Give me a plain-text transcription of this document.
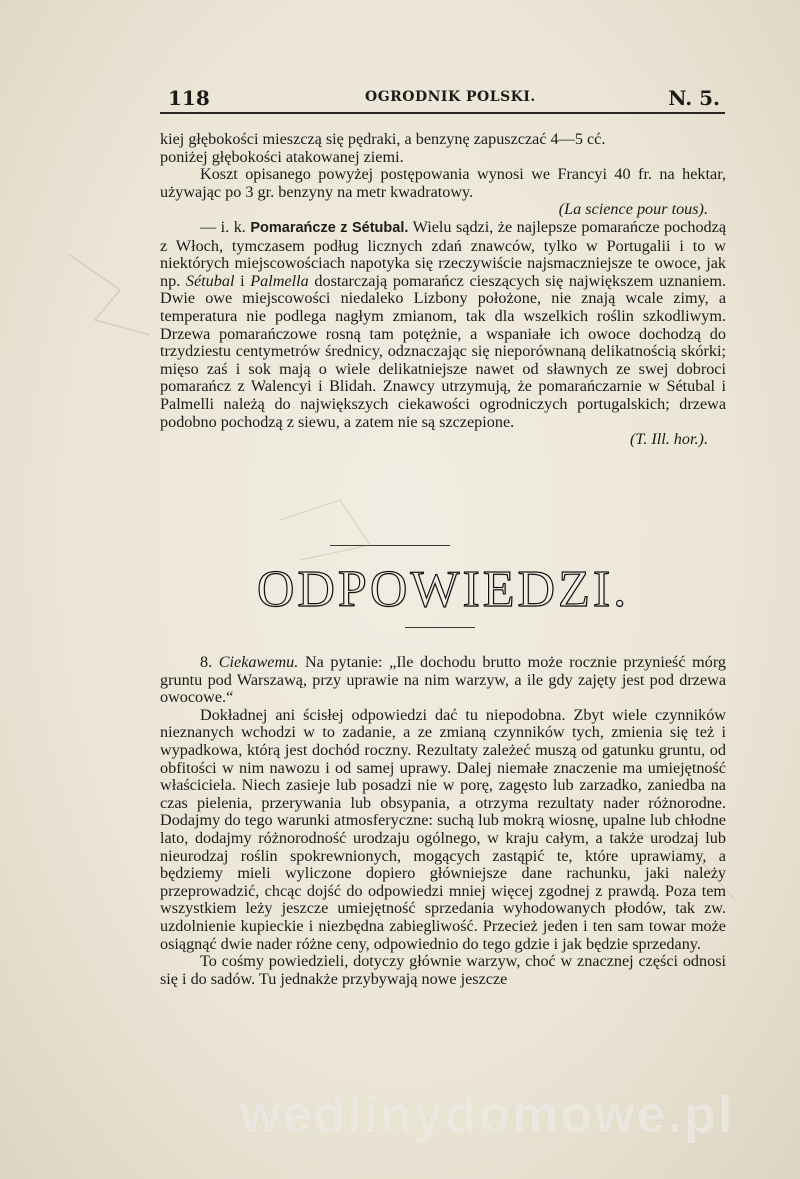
118	OGRODNIK POLSKI.	N. 5.

kiej głębokości mieszczą się pędraki, a benzynę zapuszczać 4—5 cć.

poniżej głębokości atakowanej ziemi.

Koszt opisanego powyżej postępowania wynosi we Francyi 40 fr. na hektar, używając po 3 gr. benzyny na metr kwadratowy.

(La science pour tous).

— i. k. Pomarańcze z Sétubal. Wielu sądzi, że najlepsze pomarańcze pochodzą z Włoch, tymczasem podług licznych zdań znawców, tylko w Portugalii i to w niektórych miejscowościach napotyka się rzeczywiście najsmaczniejsze te owoce, jak np. Sétubal i Palmella dostarczają pomarańcz cieszących się największem uznaniem. Dwie owe miejscowości niedaleko Lizbony położone, nie znają wcale zimy, a temperatura nie podlega nagłym zmianom, tak dla wszelkich roślin szkodliwym. Drzewa pomarańczowe rosną tam potężnie, a wspaniałe ich owoce dochodzą do trzydziestu centymetrów średnicy, odznaczając się nieporównaną delikatnością skórki; mięso zaś i sok mają o wiele delikatniejsze nawet od sławnych ze swej dobroci pomarańcz z Walencyi i Blidah. Znawcy utrzymują, że pomarańczarnie w Sétubal i Palmelli należą do największych ciekawości ogrodniczych portugalskich; drzewa podobno pochodzą z siewu, a zatem nie są szczepione.

(T. Ill. hor.).

ODPOWIEDZI.

8. Ciekawemu. Na pytanie: „Ile dochodu brutto może rocznie przynieść mórg gruntu pod Warszawą, przy uprawie na nim warzyw, a ile gdy zajęty jest pod drzewa owocowe.“

Dokładnej ani ścisłej odpowiedzi dać tu niepodobna. Zbyt wiele czynników nieznanych wchodzi w to zadanie, a ze zmianą czynników tych, zmienia się też i wypadkowa, którą jest dochód roczny. Rezultaty zależeć muszą od gatunku gruntu, od obfitości w nim nawozu i od samej uprawy. Dalej niemałe znaczenie ma umiejętność właściciela. Niech zasieje lub posadzi nie w porę, zagęsto lub zarzadko, zaniedba na czas pielenia, przerywania lub obsypania, a otrzyma rezultaty nader różnorodne. Dodajmy do tego warunki atmosferyczne: suchą lub mokrą wiosnę, upalne lub chłodne lato, dodajmy różnorodność urodzaju ogólnego, w kraju całym, a także urodzaj lub nieurodzaj roślin spokrewnionych, mogących zastąpić te, które uprawiamy, a będziemy mieli wyliczone dopiero główniejsze dane rachunku, jaki należy przeprowadzić, chcąc dojść do odpowiedzi mniej więcej zgodnej z prawdą. Poza tem wszystkiem leży jeszcze umiejętność sprzedania wyhodowanych płodów, tak zw. uzdolnienie kupieckie i niezbędna zabiegliwość. Przecież jeden i ten sam towar może osiągnąć dwie nader różne ceny, odpowiednio do tego gdzie i jak będzie sprzedany.

To cośmy powiedzieli, dotyczy głównie warzyw, choć w znacznej części odnosi się i do sadów. Tu jednakże przybywają nowe jeszcze

wedlinydomowe.pl
